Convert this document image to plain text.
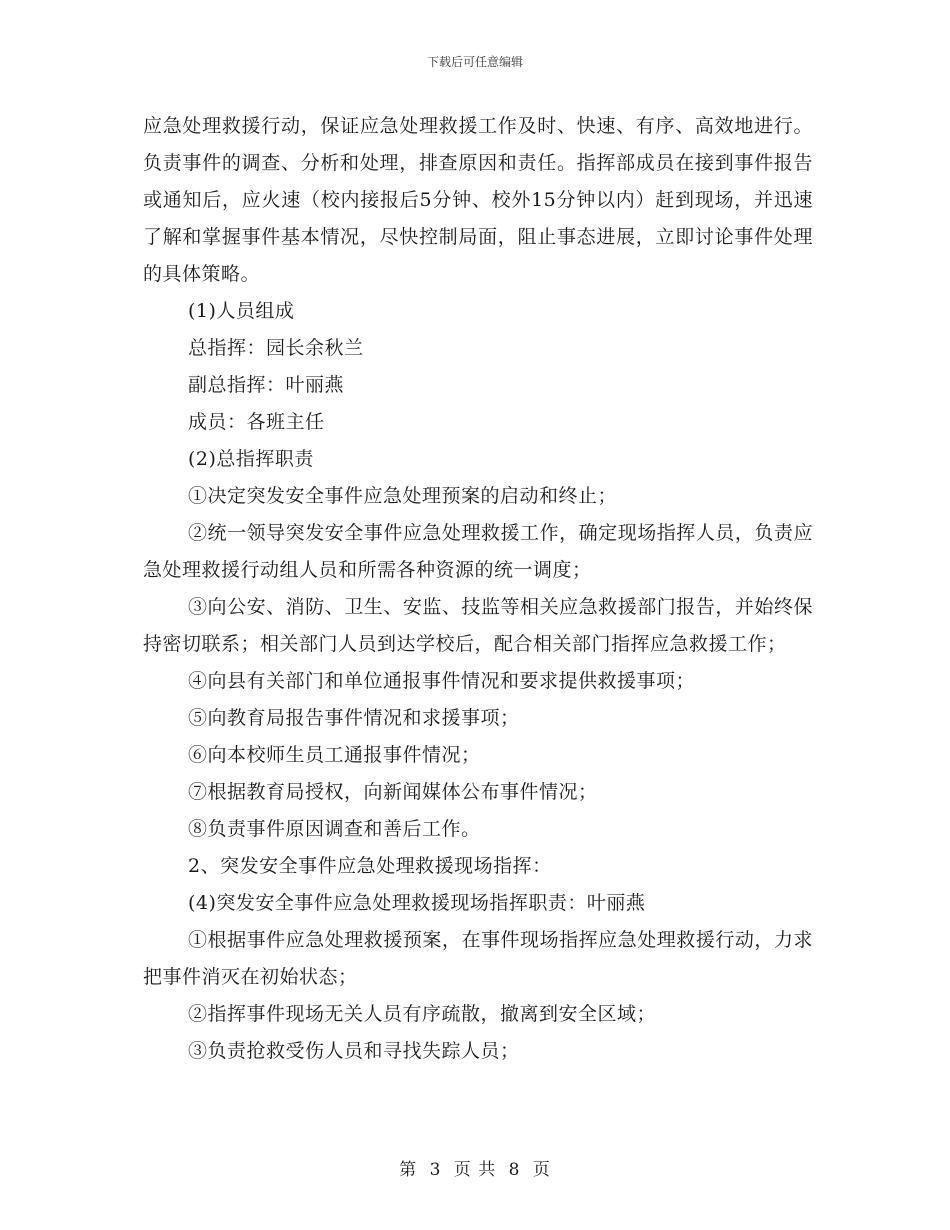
下载后可任意编辑

应急处理救援行动，保证应急处理救援工作及时、快速、有序、高效地进行。负责事件的调查、分析和处理，排查原因和责任。指挥部成员在接到事件报告或通知后，应火速（校内接报后5分钟、校外15分钟以内）赶到现场，并迅速了解和掌握事件基本情况，尽快控制局面，阻止事态进展，立即讨论事件处理的具体策略。

(1)人员组成

总指挥：园长余秋兰

副总指挥：叶丽燕

成员：各班主任

(2)总指挥职责

①决定突发安全事件应急处理预案的启动和终止；

②统一领导突发安全事件应急处理救援工作，确定现场指挥人员，负责应急处理救援行动组人员和所需各种资源的统一调度；

③向公安、消防、卫生、安监、技监等相关应急救援部门报告，并始终保持密切联系；相关部门人员到达学校后，配合相关部门指挥应急救援工作；

④向县有关部门和单位通报事件情况和要求提供救援事项；

⑤向教育局报告事件情况和求援事项；

⑥向本校师生员工通报事件情况；

⑦根据教育局授权，向新闻媒体公布事件情况；

⑧负责事件原因调查和善后工作。

2、突发安全事件应急处理救援现场指挥：

(4)突发安全事件应急处理救援现场指挥职责：叶丽燕

①根据事件应急处理救援预案，在事件现场指挥应急处理救援行动，力求把事件消灭在初始状态；

②指挥事件现场无关人员有序疏散，撤离到安全区域；

③负责抢救受伤人员和寻找失踪人员；

第 3 页 共 8 页
